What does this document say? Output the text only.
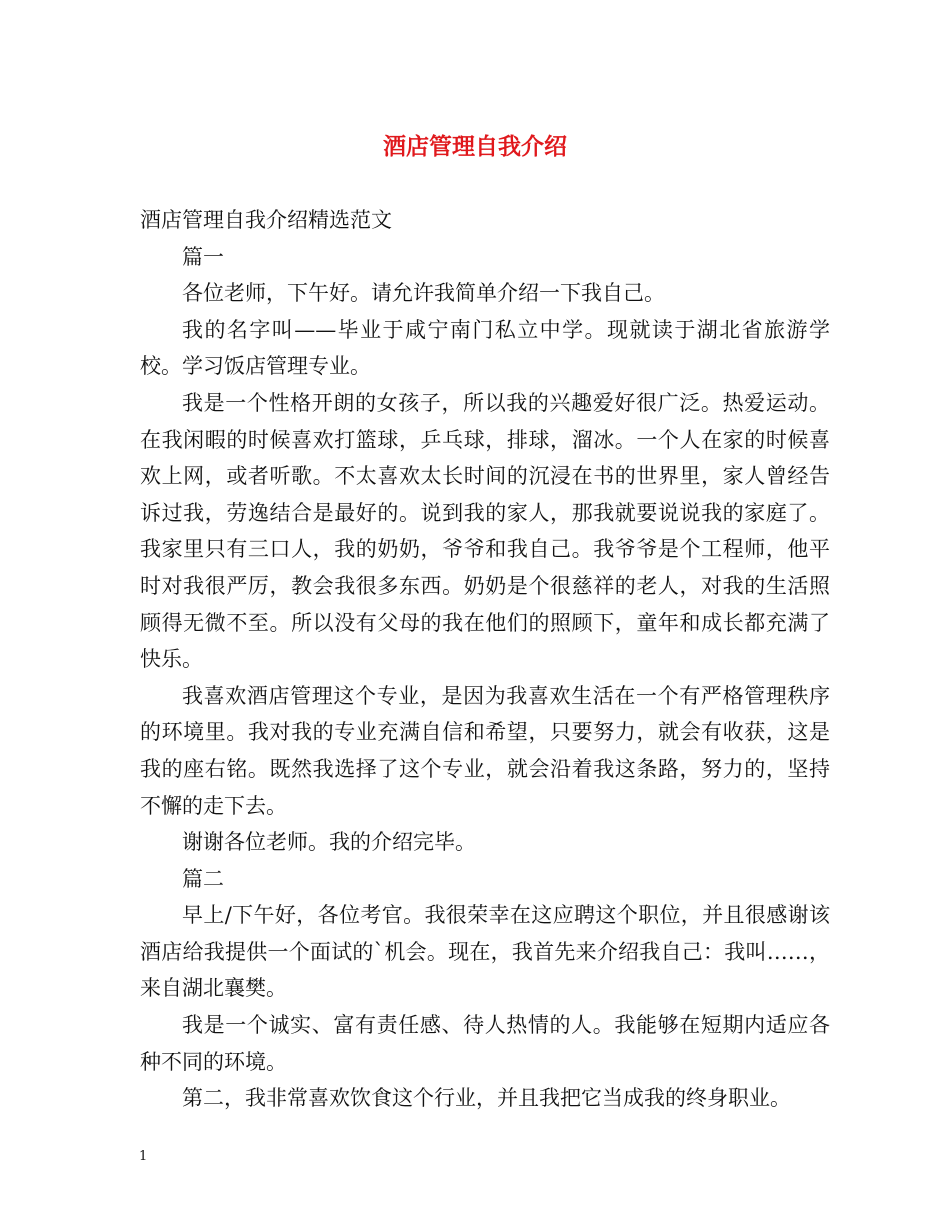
酒店管理自我介绍

酒店管理自我介绍精选范文

篇一

各位老师，下午好。请允许我简单介绍一下我自己。

我的名字叫——毕业于咸宁南门私立中学。现就读于湖北省旅游学校。学习饭店管理专业。

我是一个性格开朗的女孩子，所以我的兴趣爱好很广泛。热爱运动。在我闲暇的时候喜欢打篮球，乒乓球，排球，溜冰。一个人在家的时候喜欢上网，或者听歌。不太喜欢太长时间的沉浸在书的世界里，家人曾经告诉过我，劳逸结合是最好的。说到我的家人，那我就要说说我的家庭了。我家里只有三口人，我的奶奶，爷爷和我自己。我爷爷是个工程师，他平时对我很严厉，教会我很多东西。奶奶是个很慈祥的老人，对我的生活照顾得无微不至。所以没有父母的我在他们的照顾下，童年和成长都充满了快乐。

我喜欢酒店管理这个专业，是因为我喜欢生活在一个有严格管理秩序的环境里。我对我的专业充满自信和希望，只要努力，就会有收获，这是我的座右铭。既然我选择了这个专业，就会沿着我这条路，努力的，坚持不懈的走下去。

谢谢各位老师。我的介绍完毕。

篇二

早上/下午好，各位考官。我很荣幸在这应聘这个职位，并且很感谢该酒店给我提供一个面试的`机会。现在，我首先来介绍我自己：我叫……，来自湖北襄樊。

我是一个诚实、富有责任感、待人热情的人。我能够在短期内适应各种不同的环境。

第二，我非常喜欢饮食这个行业，并且我把它当成我的终身职业。

1
